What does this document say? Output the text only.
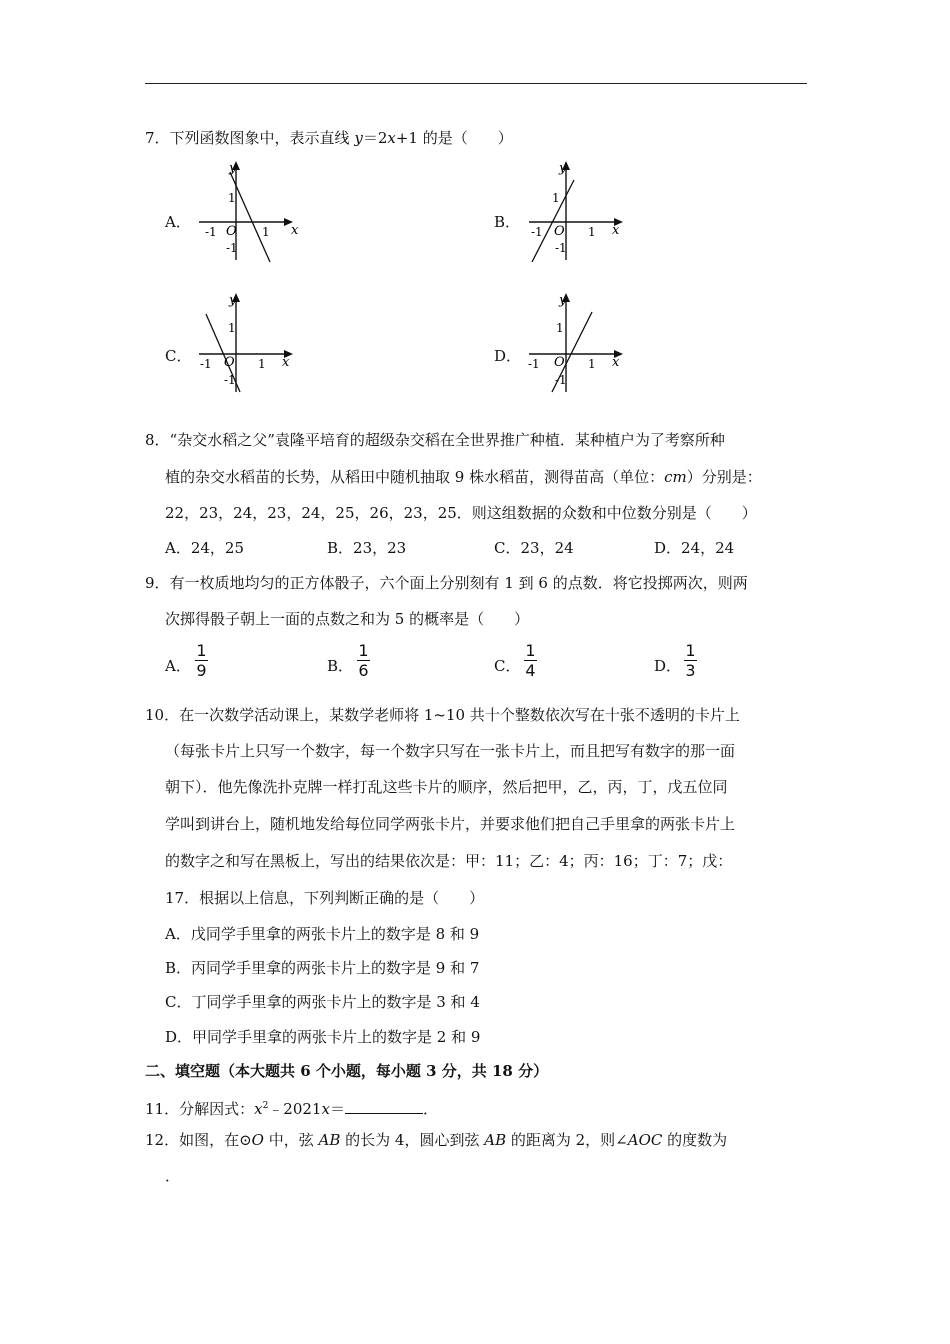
7．下列函数图象中，表示直线 y＝2x+1 的是（　　）
A．
y
x
1
1
-1 O
-1
B．
y
x
1
1
-1 O
-1
C．
y
x
1
1
-1 O
-1
D．
y
x
1
1
-1 O
-1
8．“杂交水稻之父”袁隆平培育的超级杂交稻在全世界推广种植．某种植户为了考察所种
植的杂交水稻苗的长势，从稻田中随机抽取 9 株水稻苗，测得苗高（单位：cm）分别是：
22，23，24，23，24，25，26，23，25．则这组数据的众数和中位数分别是（　　）
A．24，25	B．23，23	C．23，24	D．24，24
9．有一枚质地均匀的正方体骰子，六个面上分别刻有 1 到 6 的点数．将它投掷两次，则两
次掷得骰子朝上一面的点数之和为 5 的概率是（　　）
A．
1
9	B．
1
6	C．
1
4	D．
1
3
10．在一次数学活动课上，某数学老师将 1~10 共十个整数依次写在十张不透明的卡片上
（每张卡片上只写一个数字，每一个数字只写在一张卡片上，而且把写有数字的那一面
朝下）．他先像洗扑克牌一样打乱这些卡片的顺序，然后把甲，乙，丙，丁，戊五位同
学叫到讲台上，随机地发给每位同学两张卡片，并要求他们把自己手里拿的两张卡片上
的数字之和写在黑板上，写出的结果依次是：甲：11；乙：4；丙：16；丁：7；戊：
17．根据以上信息，下列判断正确的是（　　）
A．戊同学手里拿的两张卡片上的数字是 8 和 9
B．丙同学手里拿的两张卡片上的数字是 9 和 7
C．丁同学手里拿的两张卡片上的数字是 3 和 4
D．甲同学手里拿的两张卡片上的数字是 2 和 9
二、填空题（本大题共 6 个小题，每小题 3 分，共 18 分）
11．分解因式：$x^2﹣2021x=$	．
12．如图，在⊙O 中，弦 AB 的长为 4，圆心到弦 AB 的距离为 2，则∠AOC 的度数为
．
